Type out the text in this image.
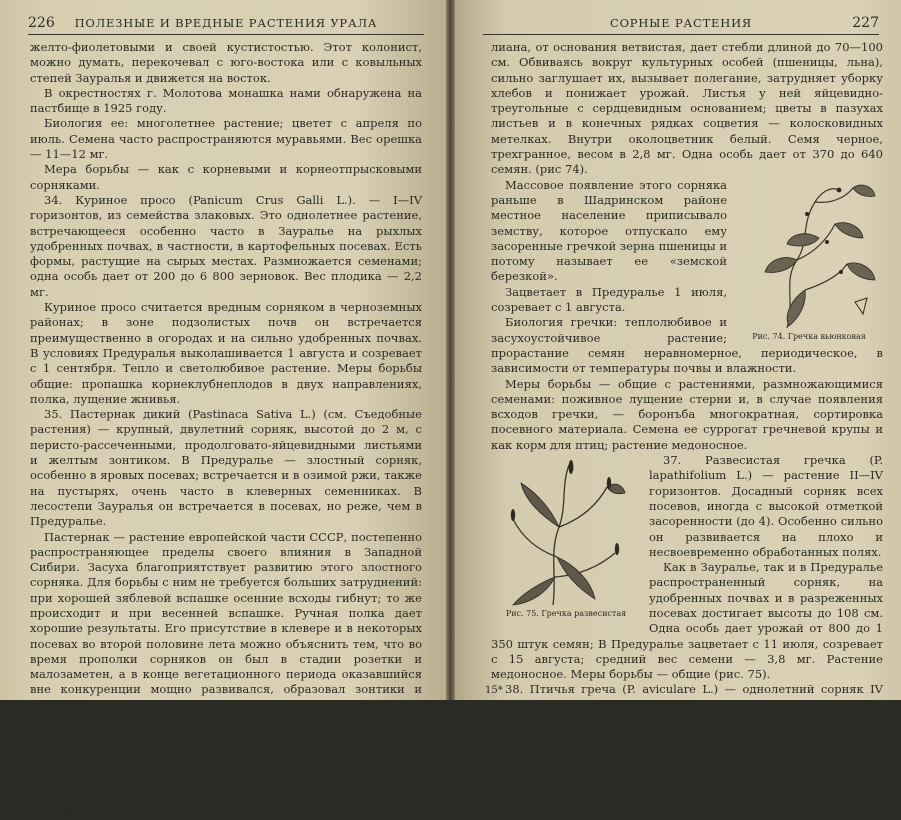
226	ПОЛЕЗНЫЕ И ВРЕДНЫЕ РАСТЕНИЯ УРАЛА

желто-фиолетовыми и своей кустистостью. Этот колонист, можно думать, перекочевал с юго-востока или с ковыльных степей Зауралья и движется на восток.

В окрестностях г. Молотова монашка нами обнаружена на пастбище в 1925 году.

Биология ее: многолетнее растение; цветет с апреля по июль. Семена часто распространяются муравьями. Вес орешка — 11—12 мг.

Мера борьбы — как с корневыми и корнеотпрысковыми сорняками.

34. Куриное просо (Panicum Crus Galli L.). — I—IV горизонтов, из семейства злаковых. Это однолетнее растение, встречающееся особенно часто в Зауралье на рыхлых удобренных почвах, в частности, в картофельных посевах. Есть формы, растущие на сырых местах. Размножается семенами; одна особь дает от 200 до 6 800 зерновок. Вес плодика — 2,2 мг.

Куриное просо считается вредным сорняком в черноземных районах; в зоне подзолистых почв он встречается преимущественно в огородах и на сильно удобренных почвах. В условиях Предуралья выколашивается 1 августа и созревает с 1 сентября. Тепло и светолюбивое растение. Меры борьбы общие: пропашка корнеклубнеплодов в двух направлениях, полка, лущение жнивья.

35. Пастернак дикий (Pastinaca Sativa L.) (см. Съедобные растения) — крупный, двулетний сорняк, высотой до 2 м, с перисто-рассеченными, продолговато-яйцевидными листьями и желтым зонтиком. В Предуралье — злостный сорняк, особенно в яровых посевах; встречается и в озимой ржи, также на пустырях, очень часто в клеверных семенниках. В лесостепи Зауралья он встречается в посевах, но реже, чем в Предуралье.

Пастернак — растение европейской части СССР, постепенно распространяющее пределы своего влияния в Западной Сибири. Засуха благоприятствует развитию этого злостного сорняка. Для борьбы с ним не требуется больших затруднений: при хорошей зяблевой вспашке осенние всходы гибнут; то же происходит и при весенней вспашке. Ручная полка дает хорошие результаты. Его присутствие в клевере и в некоторых посевах во второй половине лета можно объяснить тем, что во время прополки сорняков он был в стадии розетки и малозаметен, а в конце вегетационного периода оказавшийся вне конкуренции мощно развивался, образовал зонтики и произвел массу плодов. Зная биологию пастернака, можно уничтожить его легко и быстро. Лучшая мера борьбы — ручная полка в первой половине лета с подрезкой корней.

Зацветает с 17 июля и с 27 августа в Предуралье созревает.

36. Гречка вьюнковая (Polygonum convolvulus L.), из семейства гречишных — одна из самых обременительных яровых сорных трав Зауралья и меньше — Предуралья. Эта вьющаяся

СОРНЫЕ РАСТЕНИЯ	227

лиана, от основания ветвистая, дает стебли длиной до 70—100 см. Обвиваясь вокруг культурных особей (пшеницы, льна), сильно заглушает их, вызывает полегание, затрудняет уборку хлебов и понижает урожай. Листья у ней яйцевидно-треугольные с сердцевидным основанием; цветы в пазухах листьев и в конечных рядках соцветия — колосковидных метелках. Внутри околоцветник белый. Семя черное, трехгранное, весом в 2,8 мг. Одна особь дает от 370 до 640 семян. (рис 74).

Рис. 74. Гречка вьюнковая

Массовое появление этого сорняка раньше в Шадринском районе местное население приписывало земству, которое отпускало ему засоренные гречкой зерна пшеницы и потому называет ее «земской березкой».

Зацветает в Предуралье 1 июля, созревает с 1 августа.

Биология гречки: теплолюбивое и засухоустойчивое растение; прорастание семян неравномерное, периодическое, в зависимости от температуры почвы и влажности.

Меры борьбы — общие с растениями, размножающимися семенами: поживное лущение стерни и, в случае появления всходов гречки, — боронъба многократная, сортировка посевного материала. Семена ее суррогат гречневой крупы и как корм для птиц; растение медоносное.

Рис. 75. Гречка развесистая

37. Развесистая гречка (P. lapathifolium L.) — растение II—IV горизонтов. Досадный сорняк всех посевов, иногда с высокой отметкой засоренности (до 4). Особенно сильно он развивается на плохо и несвоевременно обработанных полях.

Как в Зауралье, так и в Предуралье распространенный сорняк, на удобренных почвах и в разреженных посевах достигает высоты до 108 см. Одна особь дает урожай от 800 до 1 350 штук семян; В Предуралье зацветает с 11 июля, созревает с 15 августа; средний вес семени — 3,8 мг. Растение медоносное. Меры борьбы — общие (рис. 75).

38. Птичья греча (P. aviculare L.) — однолетний сорняк IV горизонта, наиболее распространенная стелющаяся форма. Растет во всех посевах, частично в огородах, особенно у проселоч-

15*
